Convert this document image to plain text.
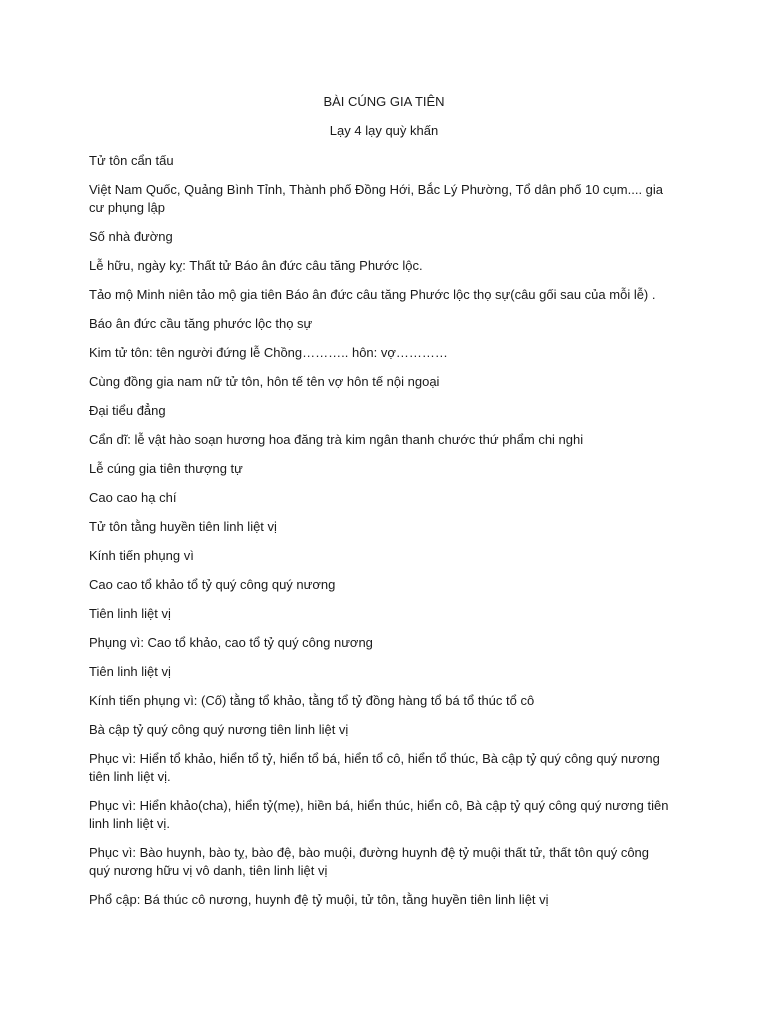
BÀI CÚNG GIA TIÊN
Lạy 4 lạy quỳ khấn

Tử tôn cẩn tấu

Việt Nam Quốc, Quảng Bình Tỉnh, Thành phố Đồng Hới, Bắc Lý Phường, Tổ dân phố 10 cụm.... gia cư phụng lập

Số nhà đường

Lễ hữu, ngày kỵ: Thất tử Báo ân đức câu tăng Phước lộc.

Tảo mộ Minh niên tảo mộ gia tiên Báo ân đức câu tăng Phước lộc thọ sự(câu gối sau của mỗi lễ) .

Báo ân đức cầu tăng phước lộc thọ sự

Kim tử tôn: tên người đứng lễ Chồng……….. hôn: vợ…………

Cùng đồng gia nam nữ tử tôn, hôn tế tên vợ hôn tế nội ngoại

Đại tiểu đẳng

Cẩn dĩ: lễ vật hào soạn hương hoa đăng trà kim ngân thanh chước thứ phẩm chi nghi

Lễ cúng gia tiên thượng tự

Cao cao hạ chí

Tử tôn tằng huyền tiên linh liệt vị

Kính tiến phụng vì

Cao cao tổ khảo tổ tỷ quý công quý nương

Tiên linh liệt vị

Phụng vì: Cao tổ khảo, cao tổ tỷ quý công nương

Tiên linh liệt vị

Kính tiến phụng vì: (Cố) tằng tổ khảo, tằng tổ tỷ đồng hàng tổ bá tổ thúc tổ cô

Bà cập tỷ quý công quý nương tiên linh liệt vị

Phục vì: Hiển tổ khảo, hiển tổ tỷ, hiển tổ bá, hiển tổ cô, hiển tổ thúc, Bà cập tỷ quý công quý nương tiên linh liệt vị.

Phục vì: Hiển khảo(cha), hiển tỷ(mẹ), hiền bá, hiển thúc, hiển cô, Bà cập tỷ quý công quý nương tiên linh linh liệt vị.

Phục vì: Bào huynh, bào tỵ, bào đệ, bào muội, đường huynh đệ tỷ muội thất tử, thất tôn quý công quý nương hữu vị vô danh, tiên linh liệt vị

Phổ cập: Bá thúc cô nương, huynh đệ tỷ muội, tử tôn, tằng huyền tiên linh liệt vị
